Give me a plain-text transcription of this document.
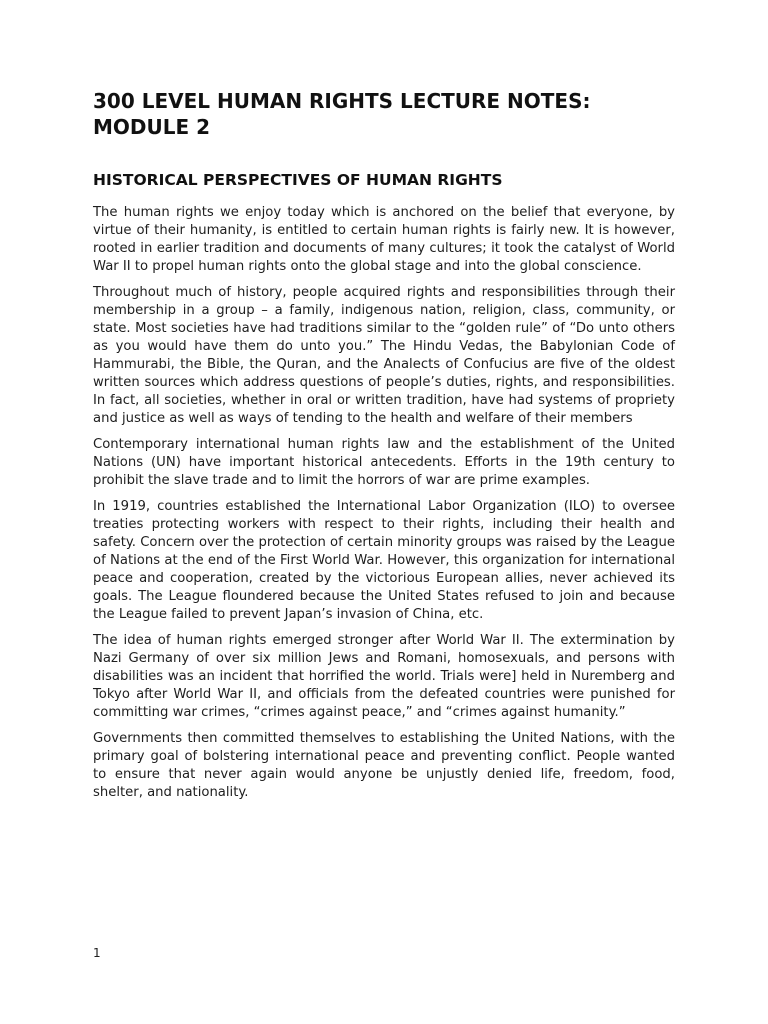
300 LEVEL HUMAN RIGHTS LECTURE NOTES:
MODULE 2
HISTORICAL PERSPECTIVES OF HUMAN RIGHTS

The human rights we enjoy today which is anchored on the belief that everyone, by virtue of their humanity, is entitled to certain human rights is fairly new. It is however, rooted in earlier tradition and documents of many cultures; it took the catalyst of World War II to propel human rights onto the global stage and into the global conscience.

Throughout much of history, people acquired rights and responsibilities through their membership in a group – a family, indigenous nation, religion, class, community, or state. Most societies have had traditions similar to the “golden rule” of “Do unto others as you would have them do unto you.” The Hindu Vedas, the Babylonian Code of Hammurabi, the Bible, the Quran, and the Analects of Confucius are five of the oldest written sources which address questions of people’s duties, rights, and responsibilities. In fact, all societies, whether in oral or written tradition, have had systems of propriety and justice as well as ways of tending to the health and welfare of their members

Contemporary international human rights law and the establishment of the United Nations (UN) have important historical antecedents. Efforts in the 19th century to prohibit the slave trade and to limit the horrors of war are prime examples.

In 1919, countries established the International Labor Organization (ILO) to oversee treaties protecting workers with respect to their rights, including their health and safety. Concern over the protection of certain minority groups was raised by the League of Nations at the end of the First World War. However, this organization for international peace and cooperation, created by the victorious European allies, never achieved its goals. The League floundered because the United States refused to join and because the League failed to prevent Japan’s invasion of China, etc.

The idea of human rights emerged stronger after World War II. The extermination by Nazi Germany of over six million Jews and Romani, homosexuals, and persons with disabilities was an incident that horrified the world. Trials were] held in Nuremberg and Tokyo after World War II, and officials from the defeated countries were punished for committing war crimes, “crimes against peace,” and “crimes against humanity.”

Governments then committed themselves to establishing the United Nations, with the primary goal of bolstering international peace and preventing conflict. People wanted to ensure that never again would anyone be unjustly denied life, freedom, food, shelter, and nationality.

1
